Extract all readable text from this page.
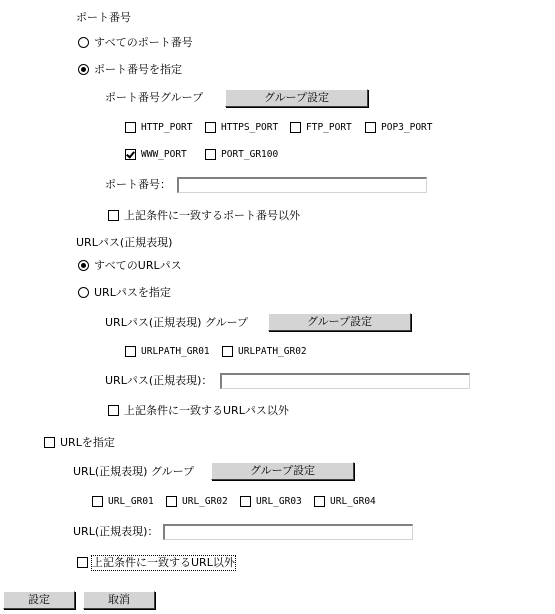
ポート番号
すべてのポート番号
ポート番号を指定
ポート番号グループ	グループ設定
HTTP_PORT	HTTPS_PORT	FTP_PORT	POP3_PORT
WWW_PORT	PORT_GR100
ポート番号：
上記条件に一致するポート番号以外
URLパス(正規表現)
すべてのURLパス
URLパスを指定
URLパス(正規表現) グループ	グループ設定
URLPATH_GR01	URLPATH_GR02
URLパス(正規表現)：
上記条件に一致するURLパス以外
URLを指定
URL(正規表現) グループ	グループ設定
URL_GR01	URL_GR02	URL_GR03	URL_GR04
URL(正規表現)：
上記条件に一致するURL以外
設定	取消
